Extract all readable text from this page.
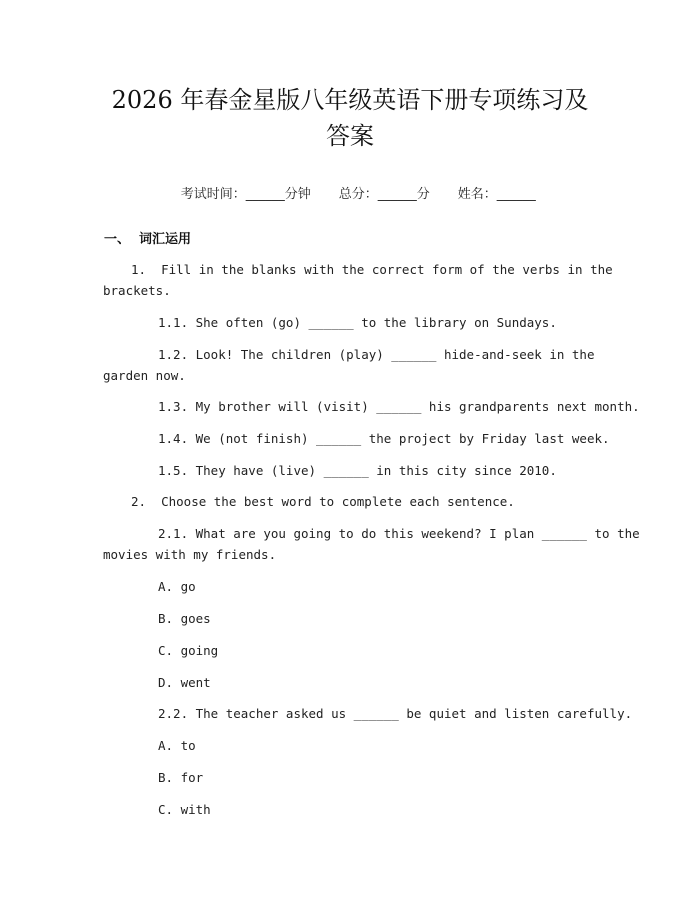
2026 年春金星版八年级英语下册专项练习及
答案

考试时间：______分钟 总分：______分 姓名：______

一、  词汇运用
1.  Fill in the blanks with the correct form of the verbs in the
brackets.
1.1. She often (go) ______ to the library on Sundays.
1.2. Look! The children (play) ______ hide-and-seek in the
garden now.
1.3. My brother will (visit) ______ his grandparents next month.
1.4. We (not finish) ______ the project by Friday last week.
1.5. They have (live) ______ in this city since 2010.
2.  Choose the best word to complete each sentence.
2.1. What are you going to do this weekend? I plan ______ to the
movies with my friends.
A. go
B. goes
C. going
D. went
2.2. The teacher asked us ______ be quiet and listen carefully.
A. to
B. for
C. with
